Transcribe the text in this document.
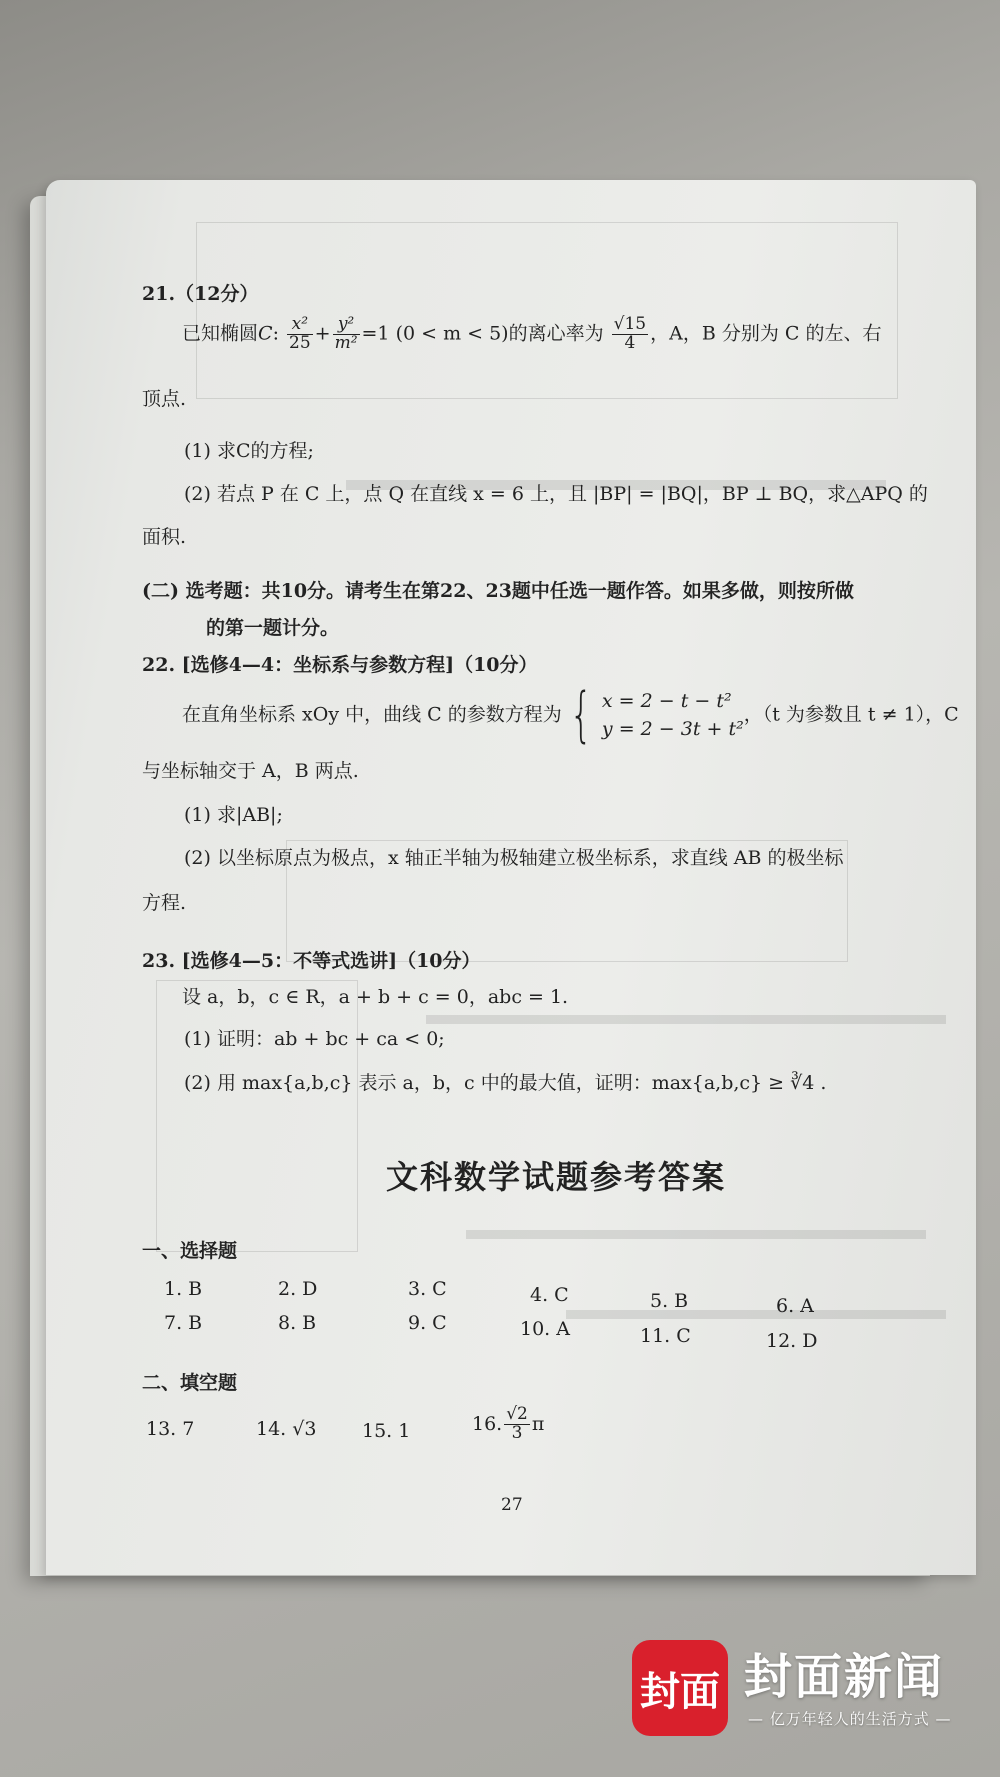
21.（12分）
已知椭圆C: $\frac{\text{x²}}{25} + \frac{\text{y²}}{\text{m²}} =1$ (0 < m < 5)的离心率为 $\frac{√15}{4}$ ，A，B 分别为 C 的左、右
顶点.
(1) 求C的方程;
(2) 若点 P 在 C 上，点 Q 在直线 x = 6 上，且 |BP| = |BQ|，BP ⊥ BQ，求△APQ 的
面积.
(二) 选考题：共10分。请考生在第22、23题中任选一题作答。如果多做，则按所做
的第一题计分。
22. [选修4—4：坐标系与参数方程]（10分）
在直角坐标系 xOy 中，曲线 C 的参数方程为 { x = 2 − t − t²
y = 2 − 3t + t²
，（t 为参数且 t ≠ 1），C
与坐标轴交于 A，B 两点.
(1) 求|AB|;
(2) 以坐标原点为极点，x 轴正半轴为极轴建立极坐标系，求直线 AB 的极坐标
方程.
23. [选修4—5：不等式选讲]（10分）
设 a，b，c ∈ R，a + b + c = 0，abc = 1.
(1) 证明：ab + bc + ca < 0;
(2) 用 max{a,b,c} 表示 a，b，c 中的最大值，证明：max{a,b,c} ≥ ∛4 .
文科数学试题参考答案
一、选择题
1. B	2. D	3. C	4. C	5. B	6. A
7. B	8. B	9. C	10. A	11. C	12. D
二、填空题
13. 7	14. √3 15. 1	16. $\frac{√2}{3}$ π
27
封面 封面新闻
— 亿万年轻人的生活方式 —
